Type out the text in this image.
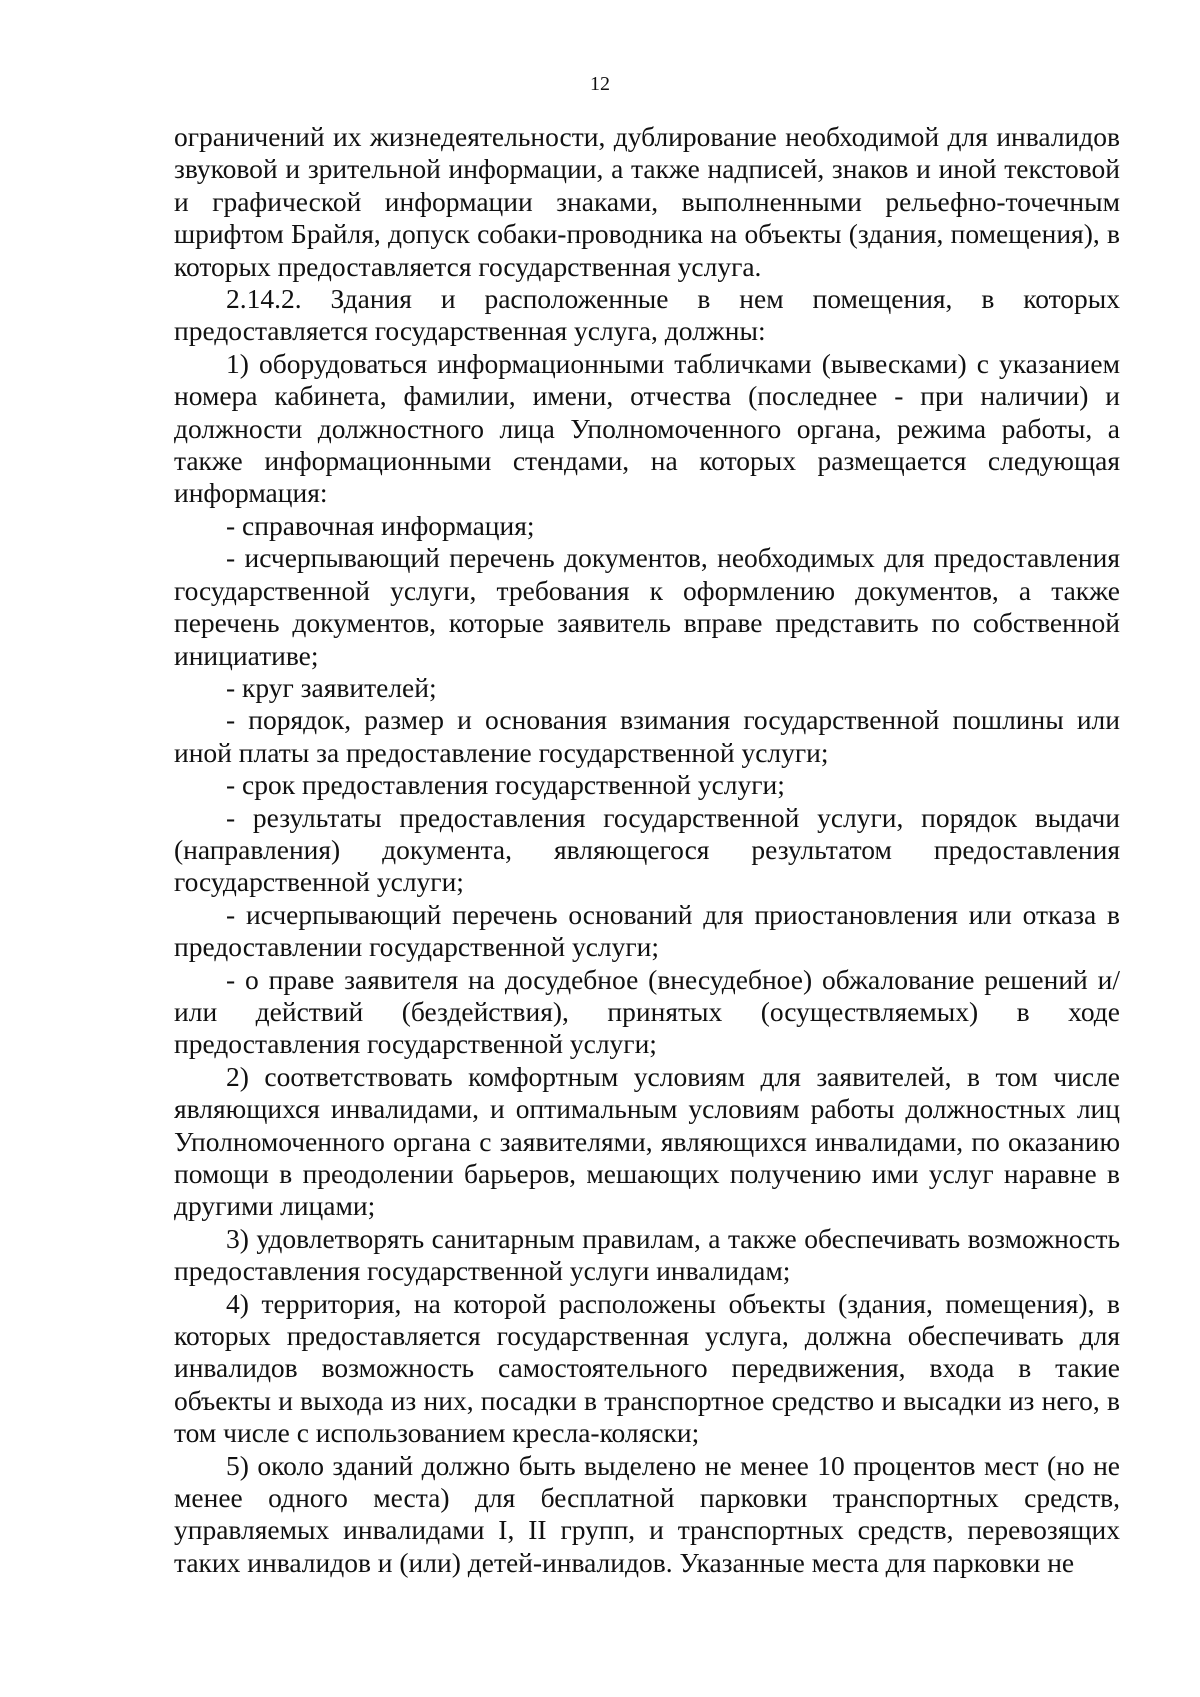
12

ограничений их жизнедеятельности, дублирование необходимой для инвалидов звуковой и зрительной информации, а также надписей, знаков и иной текстовой и графической информации знаками, выполненными рельефно-точечным шрифтом Брайля, допуск собаки-проводника на объекты (здания, помещения), в которых предоставляется государственная услуга.

2.14.2. Здания и расположенные в нем помещения, в которых предоставляется государственная услуга, должны:

1) оборудоваться информационными табличками (вывесками) с указанием номера кабинета, фамилии, имени, отчества (последнее - при наличии) и должности должностного лица Уполномоченного органа, режима работы, а также информационными стендами, на которых размещается следующая информация:

- справочная информация;

- исчерпывающий перечень документов, необходимых для предоставления государственной услуги, требования к оформлению документов, а также перечень документов, которые заявитель вправе представить по собственной инициативе;

- круг заявителей;

- порядок, размер и основания взимания государственной пошлины или иной платы за предоставление государственной услуги;

- срок предоставления государственной услуги;

- результаты предоставления государственной услуги, порядок выдачи (направления) документа, являющегося результатом предоставления государственной услуги;

- исчерпывающий перечень оснований для приостановления или отказа в предоставлении государственной услуги;

- о праве заявителя на досудебное (внесудебное) обжалование решений и/или действий (бездействия), принятых (осуществляемых) в ходе предоставления государственной услуги;

2) соответствовать комфортным условиям для заявителей, в том числе являющихся инвалидами, и оптимальным условиям работы должностных лиц Уполномоченного органа с заявителями, являющихся инвалидами, по оказанию помощи в преодолении барьеров, мешающих получению ими услуг наравне в другими лицами;

3) удовлетворять санитарным правилам, а также обеспечивать возможность предоставления государственной услуги инвалидам;

4) территория, на которой расположены объекты (здания, помещения), в которых предоставляется государственная услуга, должна обеспечивать для инвалидов возможность самостоятельного передвижения, входа в такие объекты и выхода из них, посадки в транспортное средство и высадки из него, в том числе с использованием кресла-коляски;

5) около зданий должно быть выделено не менее 10 процентов мест (но не менее одного места) для бесплатной парковки транспортных средств, управляемых инвалидами I, II групп, и транспортных средств, перевозящих таких инвалидов и (или) детей-инвалидов. Указанные места для парковки не
